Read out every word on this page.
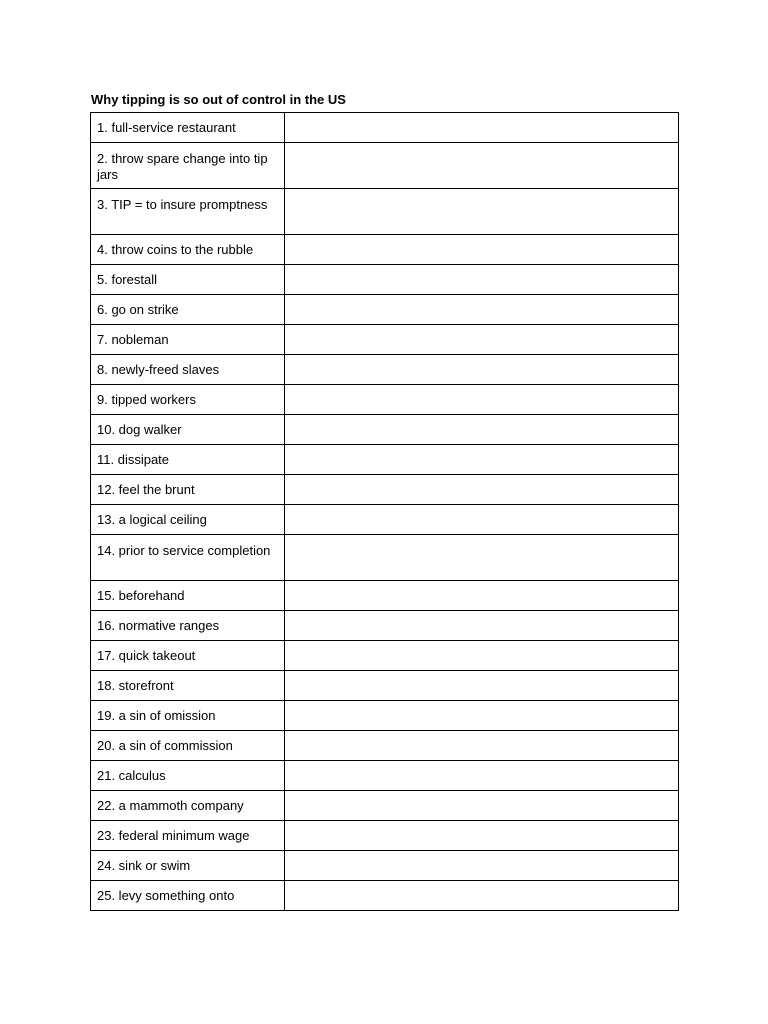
Why tipping is so out of control in the US
1. full-service restaurant	
2. throw spare change into tip jars	
3. TIP = to insure promptness	
4. throw coins to the rubble	
5. forestall	
6. go on strike	
7. nobleman	
8. newly-freed slaves	
9. tipped workers	
10. dog walker	
11. dissipate	
12. feel the brunt	
13. a logical ceiling	
14. prior to service completion	
15. beforehand	
16. normative ranges	
17. quick takeout	
18. storefront	
19. a sin of omission	
20. a sin of commission	
21. calculus	
22. a mammoth company	
23. federal minimum wage	
24. sink or swim	
25. levy something onto	
